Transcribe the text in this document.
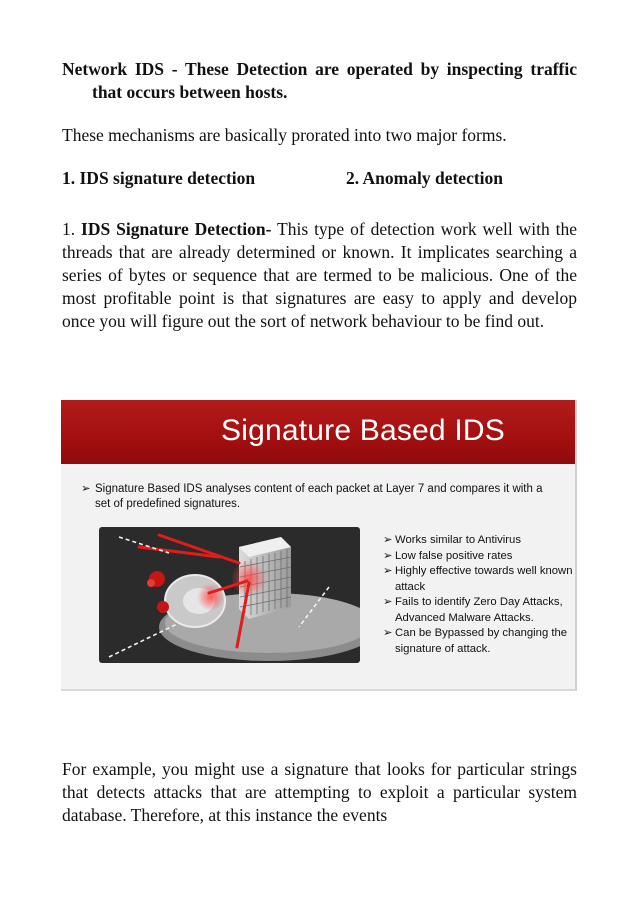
Network IDS - These Detection are operated by inspecting traffic that occurs between hosts.

These mechanisms are basically prorated into two major forms.

1. IDS signature detection	2. Anomaly detection

1. IDS Signature Detection- This type of detection work well with the threads that are already determined or known. It implicates searching a series of bytes or sequence that are termed to be malicious. One of the most profitable point is that signatures are easy to apply and develop once you will figure out the sort of network behaviour to be find out.

Signature Based IDS
➢ Signature Based IDS analyses content of each packet at Layer 7 and compares it with a set of predefined signatures.
➢ Works similar to Antivirus
➢ Low false positive rates
➢ Highly effective towards well known attack
➢ Fails to identify Zero Day Attacks, Advanced Malware Attacks.
➢ Can be Bypassed by changing the signature of attack.

For example, you might use a signature that looks for particular strings that detects attacks that are attempting to exploit a particular system database. Therefore, at this instance the events
